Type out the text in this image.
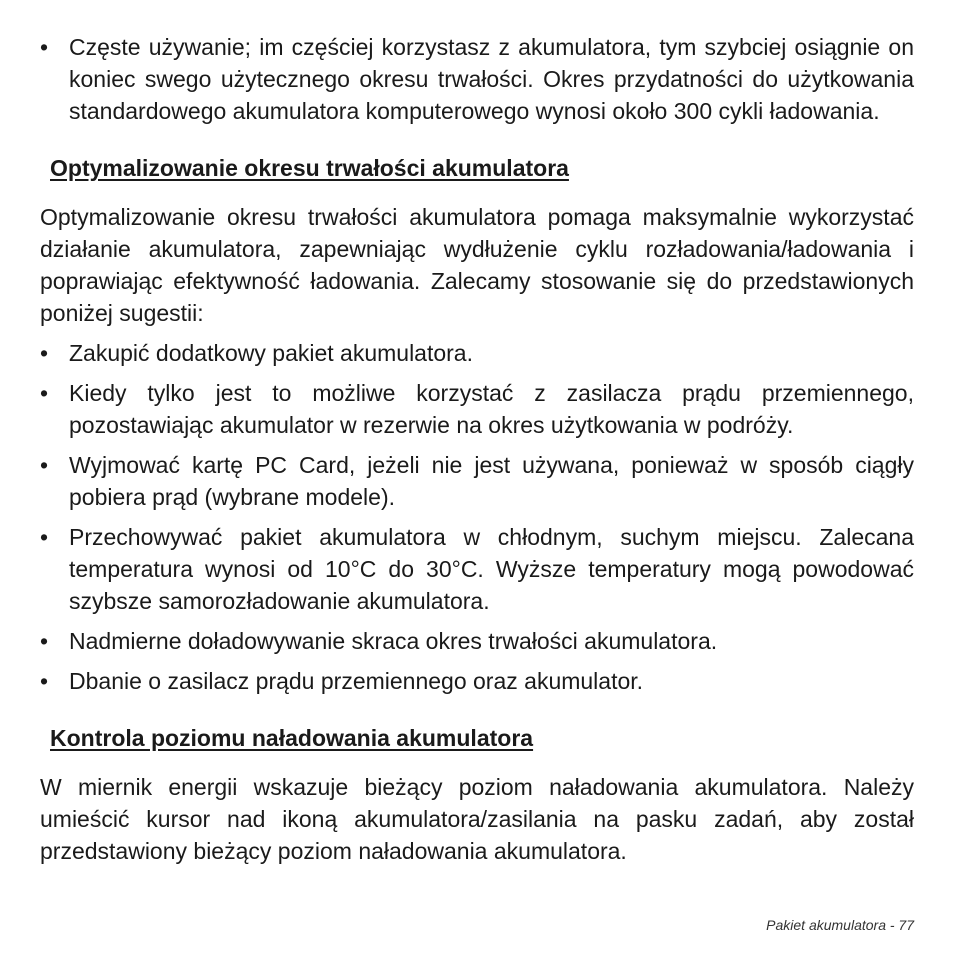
• Częste używanie; im częściej korzystasz z akumulatora, tym szybciej osiągnie on koniec swego użytecznego okresu trwałości. Okres przydatności do użytkowania standardowego akumulatora komputerowego wynosi około 300 cykli ładowania.
Optymalizowanie okresu trwałości akumulatora

Optymalizowanie okresu trwałości akumulatora pomaga maksymalnie wykorzystać działanie akumulatora, zapewniając wydłużenie cyklu rozładowania/ładowania i poprawiając efektywność ładowania. Zalecamy stosowanie się do przedstawionych poniżej sugestii:

• Zakupić dodatkowy pakiet akumulatora.
• Kiedy tylko jest to możliwe korzystać z zasilacza prądu przemiennego, pozostawiając akumulator w rezerwie na okres użytkowania w podróży.
• Wyjmować kartę PC Card, jeżeli nie jest używana, ponieważ w sposób ciągły pobiera prąd (wybrane modele).
• Przechowywać pakiet akumulatora w chłodnym, suchym miejscu. Zalecana temperatura wynosi od 10°C do 30°C. Wyższe temperatury mogą powodować szybsze samorozładowanie akumulatora.
• Nadmierne doładowywanie skraca okres trwałości akumulatora.
• Dbanie o zasilacz prądu przemiennego oraz akumulator.
Kontrola poziomu naładowania akumulatora

W miernik energii wskazuje bieżący poziom naładowania akumulatora. Należy umieścić kursor nad ikoną akumulatora/zasilania na pasku zadań, aby został przedstawiony bieżący poziom naładowania akumulatora.

Pakiet akumulatora - 77
